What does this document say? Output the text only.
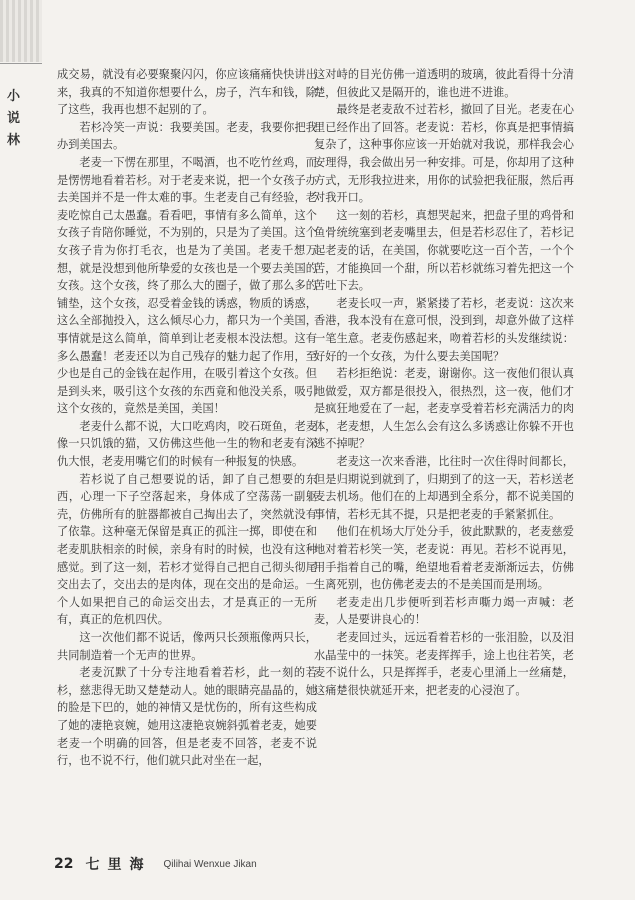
小说林

成交易，就没有必要聚聚闪闪，你应该痛痛快快讲出来，我真的不知道你想要什么，房子，汽车和钱，除了这些，我再也想不起别的了。

若杉冷笑一声说：我要美国。老麦，我要你把我办到美国去。

老麦一下愣在那里，不喝酒，也不吃竹丝鸡，而是愣愣地看着若杉。对于老麦来说，把一个女孩子办去美国并不是一件太难的事。生老麦自己有经验，老麦吃惊自己太愚蠢。看看吧，事情有多么简单，这个女孩子肯陪你睡觉，不为别的，只是为了美国。这个女孩子肯为你打毛衣，也是为了美国。老麦千想万想，就是没想到他所挚爱的女孩也是一个要去美国的女孩。这个女孩，终了那么大的圈子，做了那么多的铺垫，这个女孩，忍受着金钱的诱惑，物质的诱惑，这么全部抛投入，这么倾尽心力，都只为一个美国，事情就是这么简单，简单到让老麦根本没法想。这有多么愚蠢！老麦还以为自己残存的魅力起了作用，至少也是自己的金钱在起作用，在吸引着这个女孩。但是到头来，吸引这个女孩的东西竟和他没关系，吸引这个女孩的，竟然是美国，美国！

老麦什么都不说，大口吃鸡肉，咬石斑鱼，老麦像一只饥饿的猫，又仿佛这些他一生的物和老麦有深仇大恨，老麦用嘴它们的时候有一种报复的快感。

若杉说了自己想要说的话，卸了自己想要的东西，心理一下子空落起来，身体成了空荡荡一副躯壳，仿佛所有的脏器都被自己掏出去了，突然就没有了依靠。这种毫无保留是真正的孤注一掷，即使在和老麦肌肤相亲的时候，亲身有时的时候，也没有这种感觉。到了这一刻，若杉才觉得自己把自己彻头彻尾交出去了，交出去的是肉体，现在交出的是命运。一个人如果把自己的命运交出去，才是真正的一无所有，真正的危机四伏。

这一次他们都不说话，像两只长颈瓶像两只长，共同制造着一个无声的世界。

老麦沉默了十分专注地看着若杉，此一刻的若杉，慈悲得无助又楚楚动人。她的眼睛亮晶晶的，她的脸是下巴的，她的神情又是忧伤的，所有这些构成了她的凄艳哀婉，她用这凄艳哀婉斜弧着老麦，她要老麦一个明确的回答，但是老麦不回答，老麦不说行，也不说不行，他们就只此对坐在一起，

这对峙的目光仿佛一道透明的玻璃，彼此看得十分清楚，但彼此又是隔开的，谁也进不进谁。

最终是老麦敌不过若杉，撤回了目光。老麦在心里已经作出了回答。老麦说：若杉，你真是把事情搞复杂了，这种事你应该一开始就对我说，那样我会心安理得，我会做出另一种安排。可是，你却用了这种方式，无形我拉进来，用你的试验把我征服，然后再对我开口。

这一刻的若杉，真想哭起来，把盘子里的鸡骨和鱼骨统统塞到老麦嘴里去，但是若杉忍住了，若杉记起老麦的话，在美国，你就要吃这一百个苦，一个个苦，才能换回一个甜，所以若杉就练习着先把这一个苦吐下去。

老麦长叹一声，紧紧搂了若杉，老麦说：这次来香港，我本没有在意可恨，没到到，却意外做了这样一笔生意。老麦伤感起来，吻着若杉的头发继续说：好好的一个女孩，为什么要去美国呢？

若杉拒绝说：老麦，谢谢你。这一夜他们很认真地做爱，双方都是很投入，很热烈，这一夜，他们才是疯狂地爱在了一起，老麦享受着若杉充满活力的肉体，老麦想，人生怎么会有这么多诱惑让你躲不开也逃不掉呢？

老麦这一次来香港，比往时一次住得时间都长，但是归期说到就到了，归期到了的这一天，若杉送老麦去机场。他们在的上却遇到全系分，都不说美国的事情，若杉无其不提，只是把老麦的手紧紧抓住。

他们在机场大厅处分手，彼此默默的，老麦慈爱地对着若杉笑一笑，老麦说：再见。若杉不说再见，用手指着自己的嘴，绝望地看着老麦渐渐远去，仿佛生离死别，也仿佛老麦去的不是美国而是刑场。

老麦走出几步便听到若杉声嘶力竭一声喊：老麦，人是要讲良心的！

老麦回过头，远远看着若杉的一张泪脸，以及泪水晶莹中的一抹笑。老麦挥挥手，途上也往若笑，老麦不说什么，只是挥挥手，老麦心里涌上一丝痛楚，这痛楚很快就延开来，把老麦的心浸泡了。

22 七里海 Qilihai Wenxue Jikan
